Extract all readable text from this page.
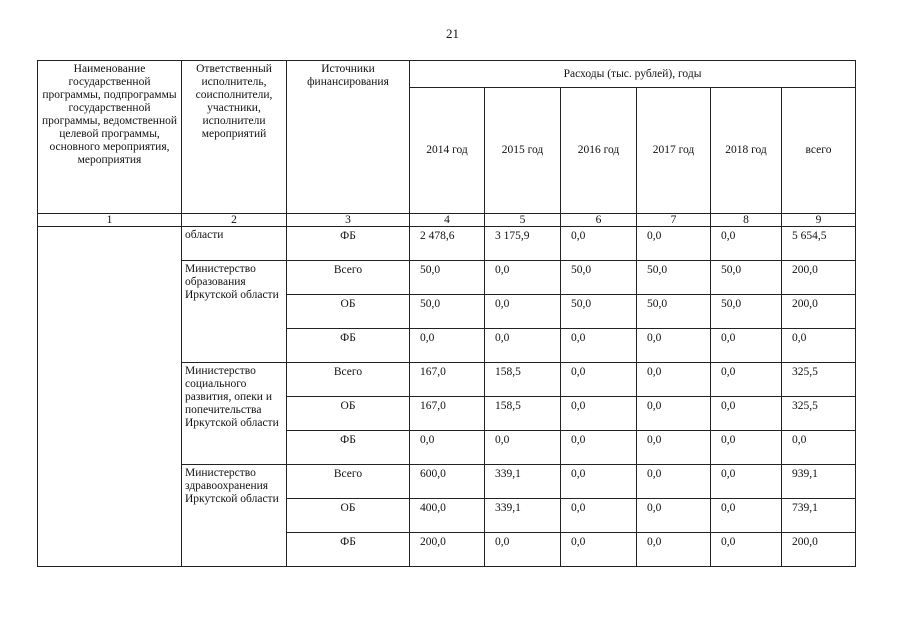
21
Наименование государственной программы, подпрограммы государственной программы, ведомственной целевой программы, основного мероприятия, мероприятия	Ответственный исполнитель, соисполнители, участники, исполнители мероприятий	Источники финансирования	Расходы (тыс. рублей), годы					
			2014 год	2015 год	2016 год	2017 год	2018 год	всего
1	2	3	4	5	6	7	8	9
	области	ФБ	2 478,6	3 175,9	0,0	0,0	0,0	5 654,5
	Министерство образования Иркутской области	Всего	50,0	0,0	50,0	50,0	50,0	200,0
		ОБ	50,0	0,0	50,0	50,0	50,0	200,0
		ФБ	0,0	0,0	0,0	0,0	0,0	0,0
	Министерство социального развития, опеки и попечительства Иркутской области	Всего	167,0	158,5	0,0	0,0	0,0	325,5
		ОБ	167,0	158,5	0,0	0,0	0,0	325,5
		ФБ	0,0	0,0	0,0	0,0	0,0	0,0
	Министерство здравоохранения Иркутской области	Всего	600,0	339,1	0,0	0,0	0,0	939,1
		ОБ	400,0	339,1	0,0	0,0	0,0	739,1
		ФБ	200,0	0,0	0,0	0,0	0,0	200,0
